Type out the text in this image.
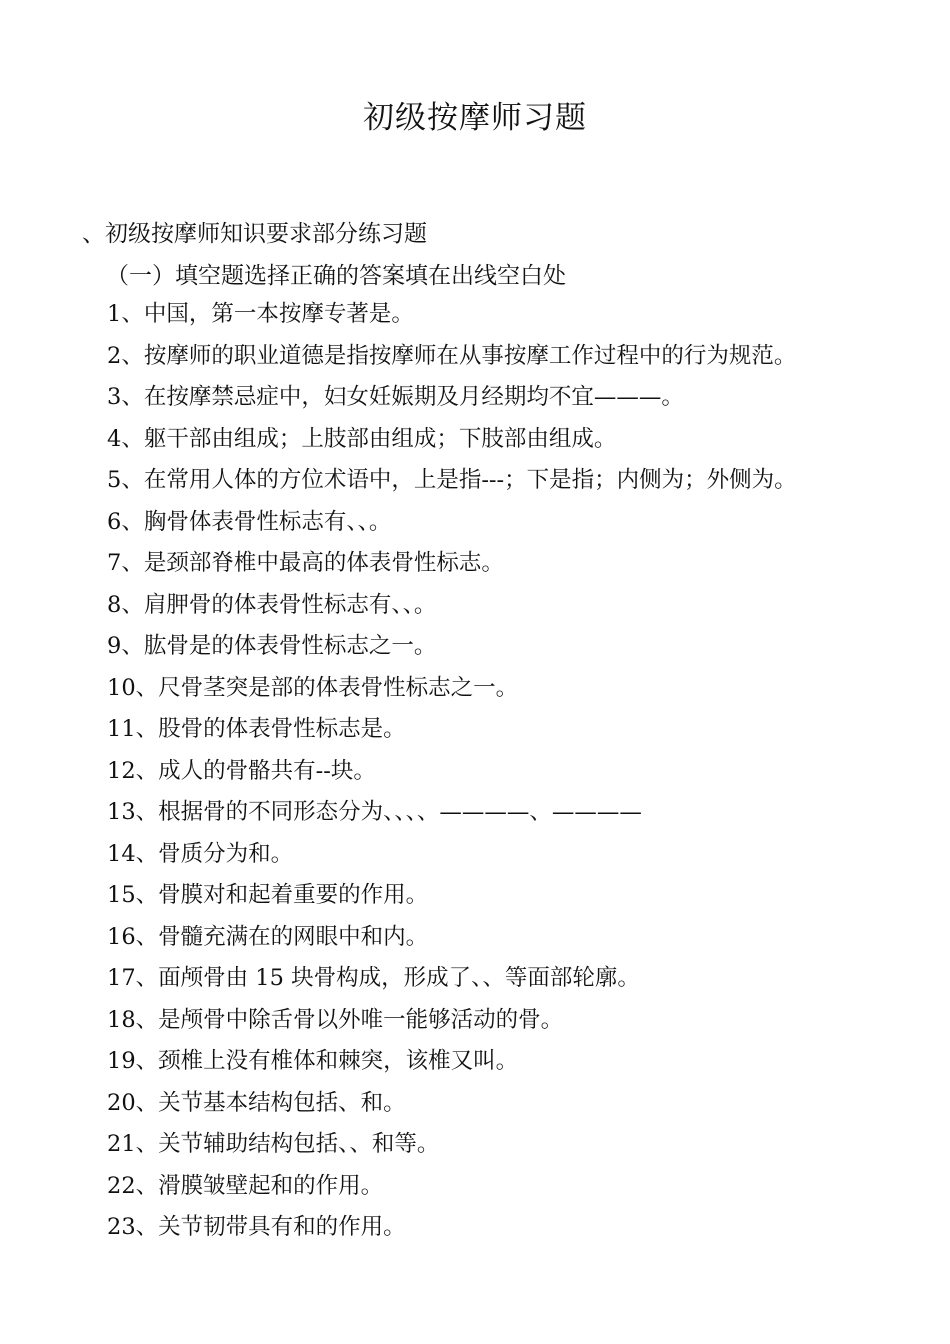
初级按摩师习题
、初级按摩师知识要求部分练习题
（一）填空题选择正确的答案填在出线空白处
1、中国，第一本按摩专著是。
2、按摩师的职业道德是指按摩师在从事按摩工作过程中的行为规范。
3、在按摩禁忌症中，妇女妊娠期及月经期均不宜———。
4、躯干部由组成；上肢部由组成；下肢部由组成。
5、在常用人体的方位术语中，上是指---；下是指；内侧为；外侧为。
6、胸骨体表骨性标志有、、。
7、是颈部脊椎中最高的体表骨性标志。
8、肩胛骨的体表骨性标志有、、。
9、肱骨是的体表骨性标志之一。
10、尺骨茎突是部的体表骨性标志之一。
11、股骨的体表骨性标志是。
12、成人的骨骼共有--块。
13、根据骨的不同形态分为、、、、————、————
14、骨质分为和。
15、骨膜对和起着重要的作用。
16、骨髓充满在的网眼中和内。
17、面颅骨由 15 块骨构成，形成了、、等面部轮廓。
18、是颅骨中除舌骨以外唯一能够活动的骨。
19、颈椎上没有椎体和棘突，该椎又叫。
20、关节基本结构包括、和。
21、关节辅助结构包括、、和等。
22、滑膜皱壁起和的作用。
23、关节韧带具有和的作用。
